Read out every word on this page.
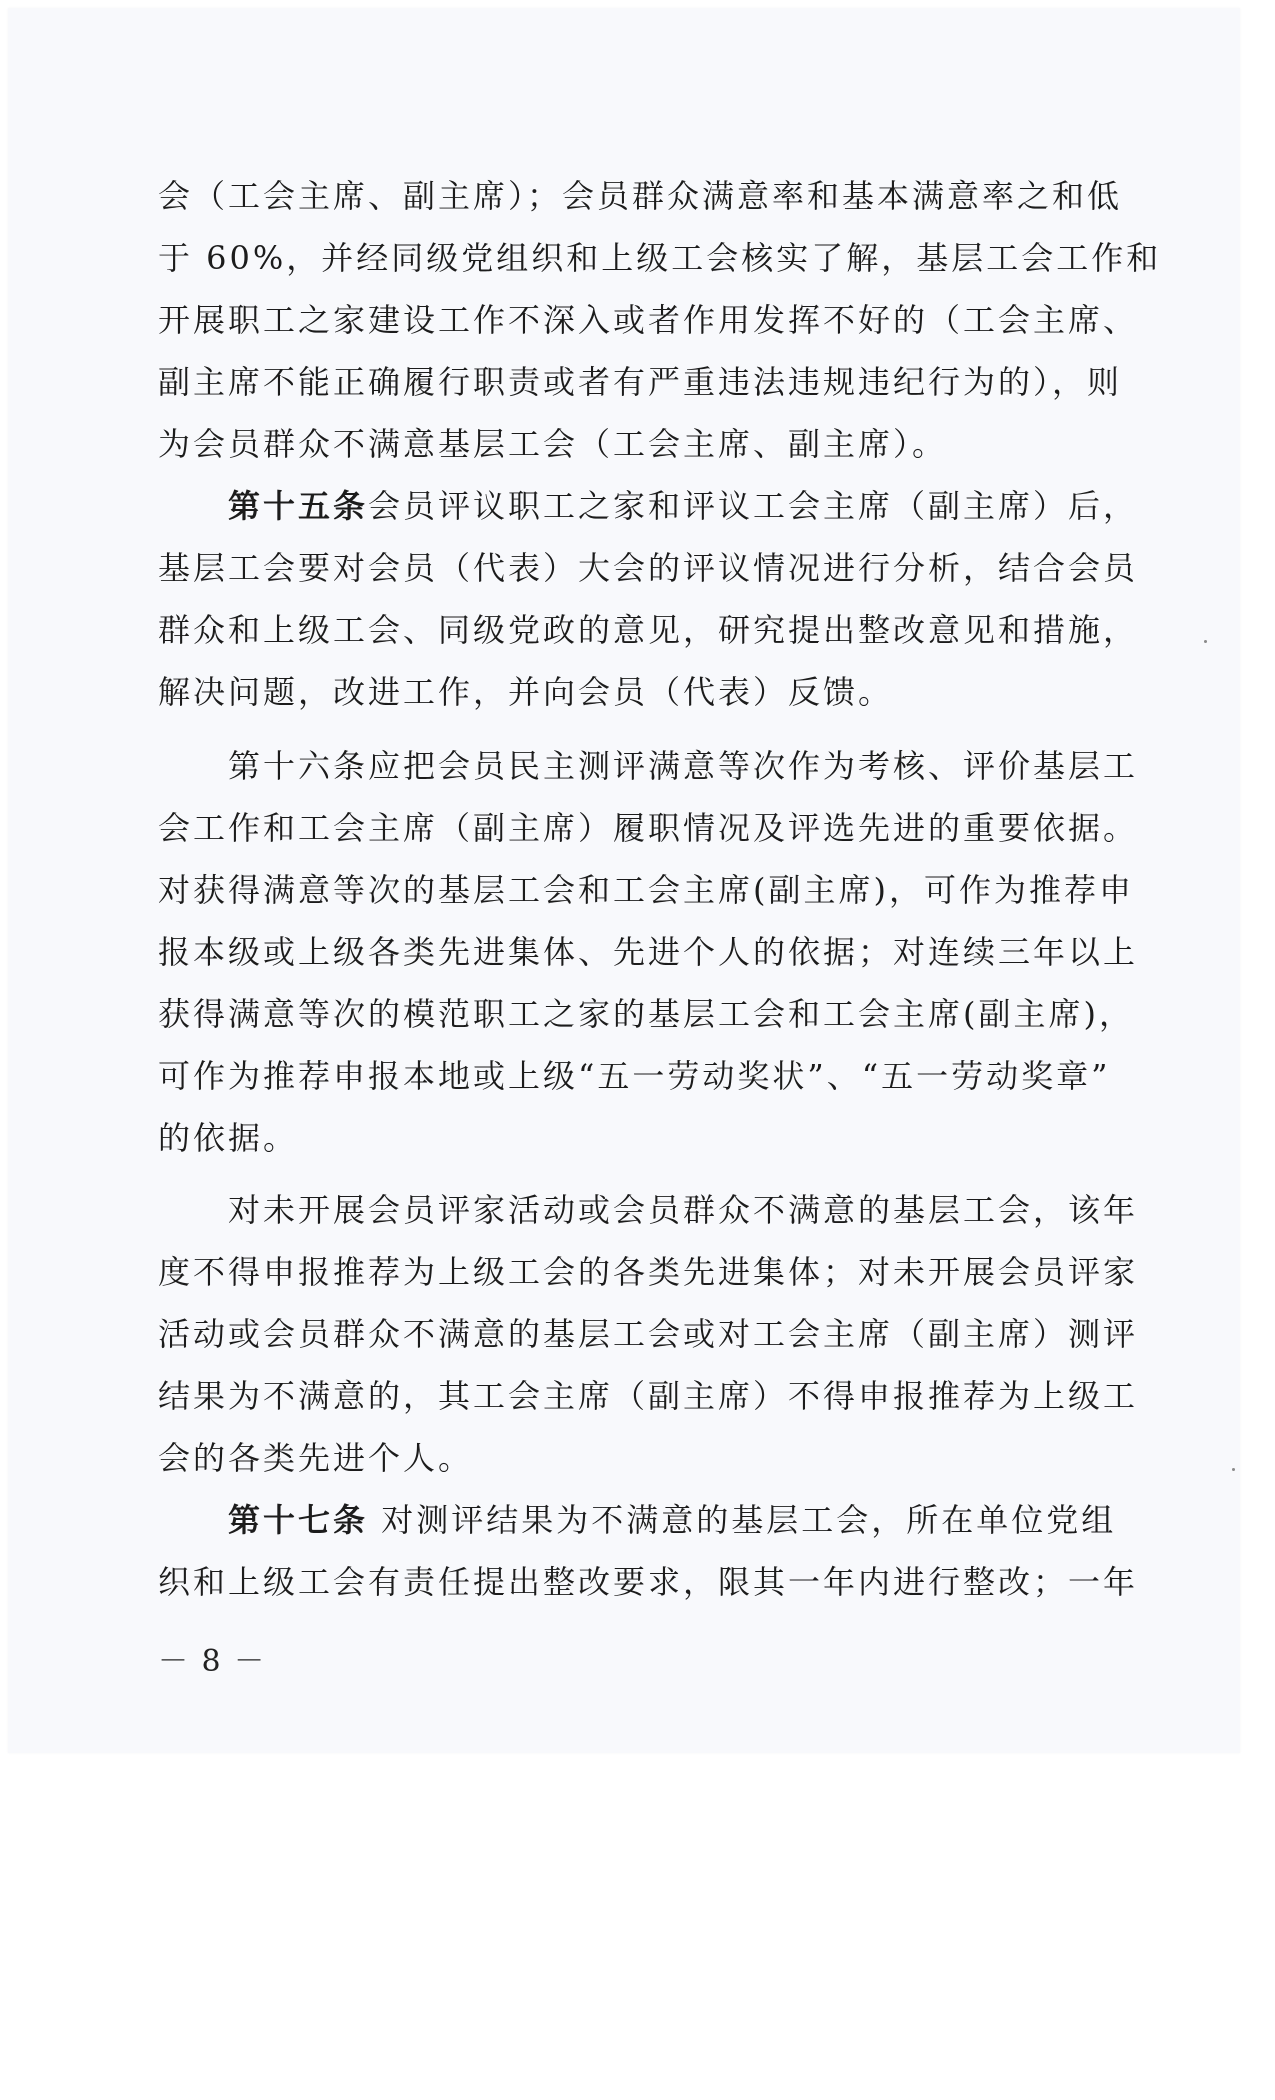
会（工会主席、副主席）；会员群众满意率和基本满意率之和低
于 60%，并经同级党组织和上级工会核实了解，基层工会工作和
开展职工之家建设工作不深入或者作用发挥不好的（工会主席、
副主席不能正确履行职责或者有严重违法违规违纪行为的），则
为会员群众不满意基层工会（工会主席、副主席）。
第十五条会员评议职工之家和评议工会主席（副主席）后，
基层工会要对会员（代表）大会的评议情况进行分析，结合会员
群众和上级工会、同级党政的意见，研究提出整改意见和措施，
解决问题，改进工作，并向会员（代表）反馈。
第十六条应把会员民主测评满意等次作为考核、评价基层工
会工作和工会主席（副主席）履职情况及评选先进的重要依据。
对获得满意等次的基层工会和工会主席(副主席)，可作为推荐申
报本级或上级各类先进集体、先进个人的依据；对连续三年以上
获得满意等次的模范职工之家的基层工会和工会主席(副主席)，
可作为推荐申报本地或上级“五一劳动奖状”、“五一劳动奖章”
的依据。
对未开展会员评家活动或会员群众不满意的基层工会，该年
度不得申报推荐为上级工会的各类先进集体；对未开展会员评家
活动或会员群众不满意的基层工会或对工会主席（副主席）测评
结果为不满意的，其工会主席（副主席）不得申报推荐为上级工
会的各类先进个人。
第十七条 对测评结果为不满意的基层工会，所在单位党组
织和上级工会有责任提出整改要求，限其一年内进行整改；一年
－ 8 －
